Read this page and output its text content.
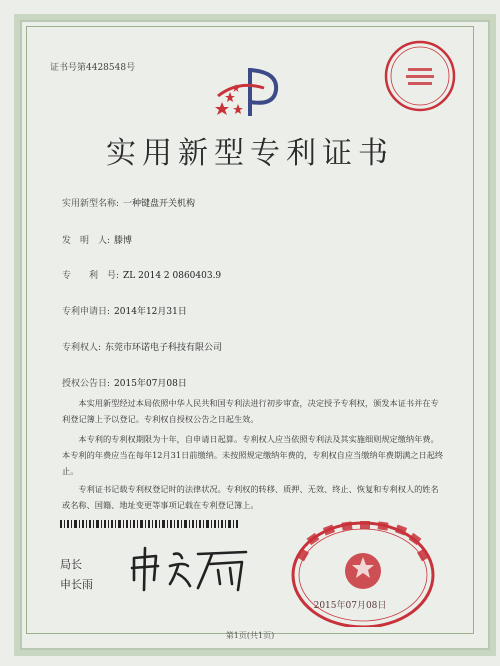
证书号第4428548号
实用新型专利证书
实用新型名称: 一种键盘开关机构
发　明　人: 滕博
专　　利　号: ZL 2014 2 0860403.9
专利申请日: 2014年12月31日
专利权人: 东莞市环诺电子科技有限公司
授权公告日: 2015年07月08日
本实用新型经过本局依照中华人民共和国专利法进行初步审查，决定授予专利权，颁发本证书并在专利登记簿上予以登记。专利权自授权公告之日起生效。
本专利的专利权期限为十年，自申请日起算。专利权人应当依照专利法及其实施细则规定缴纳年费。本专利的年费应当在每年12月31日前缴纳。未按照规定缴纳年费的，专利权自应当缴纳年费期满之日起终止。
专利证书记载专利权登记时的法律状况。专利权的转移、质押、无效、终止、恢复和专利权人的姓名或名称、国籍、地址变更等事项记载在专利登记簿上。
局长
申长雨
2015年07月08日
第1页(共1页)
